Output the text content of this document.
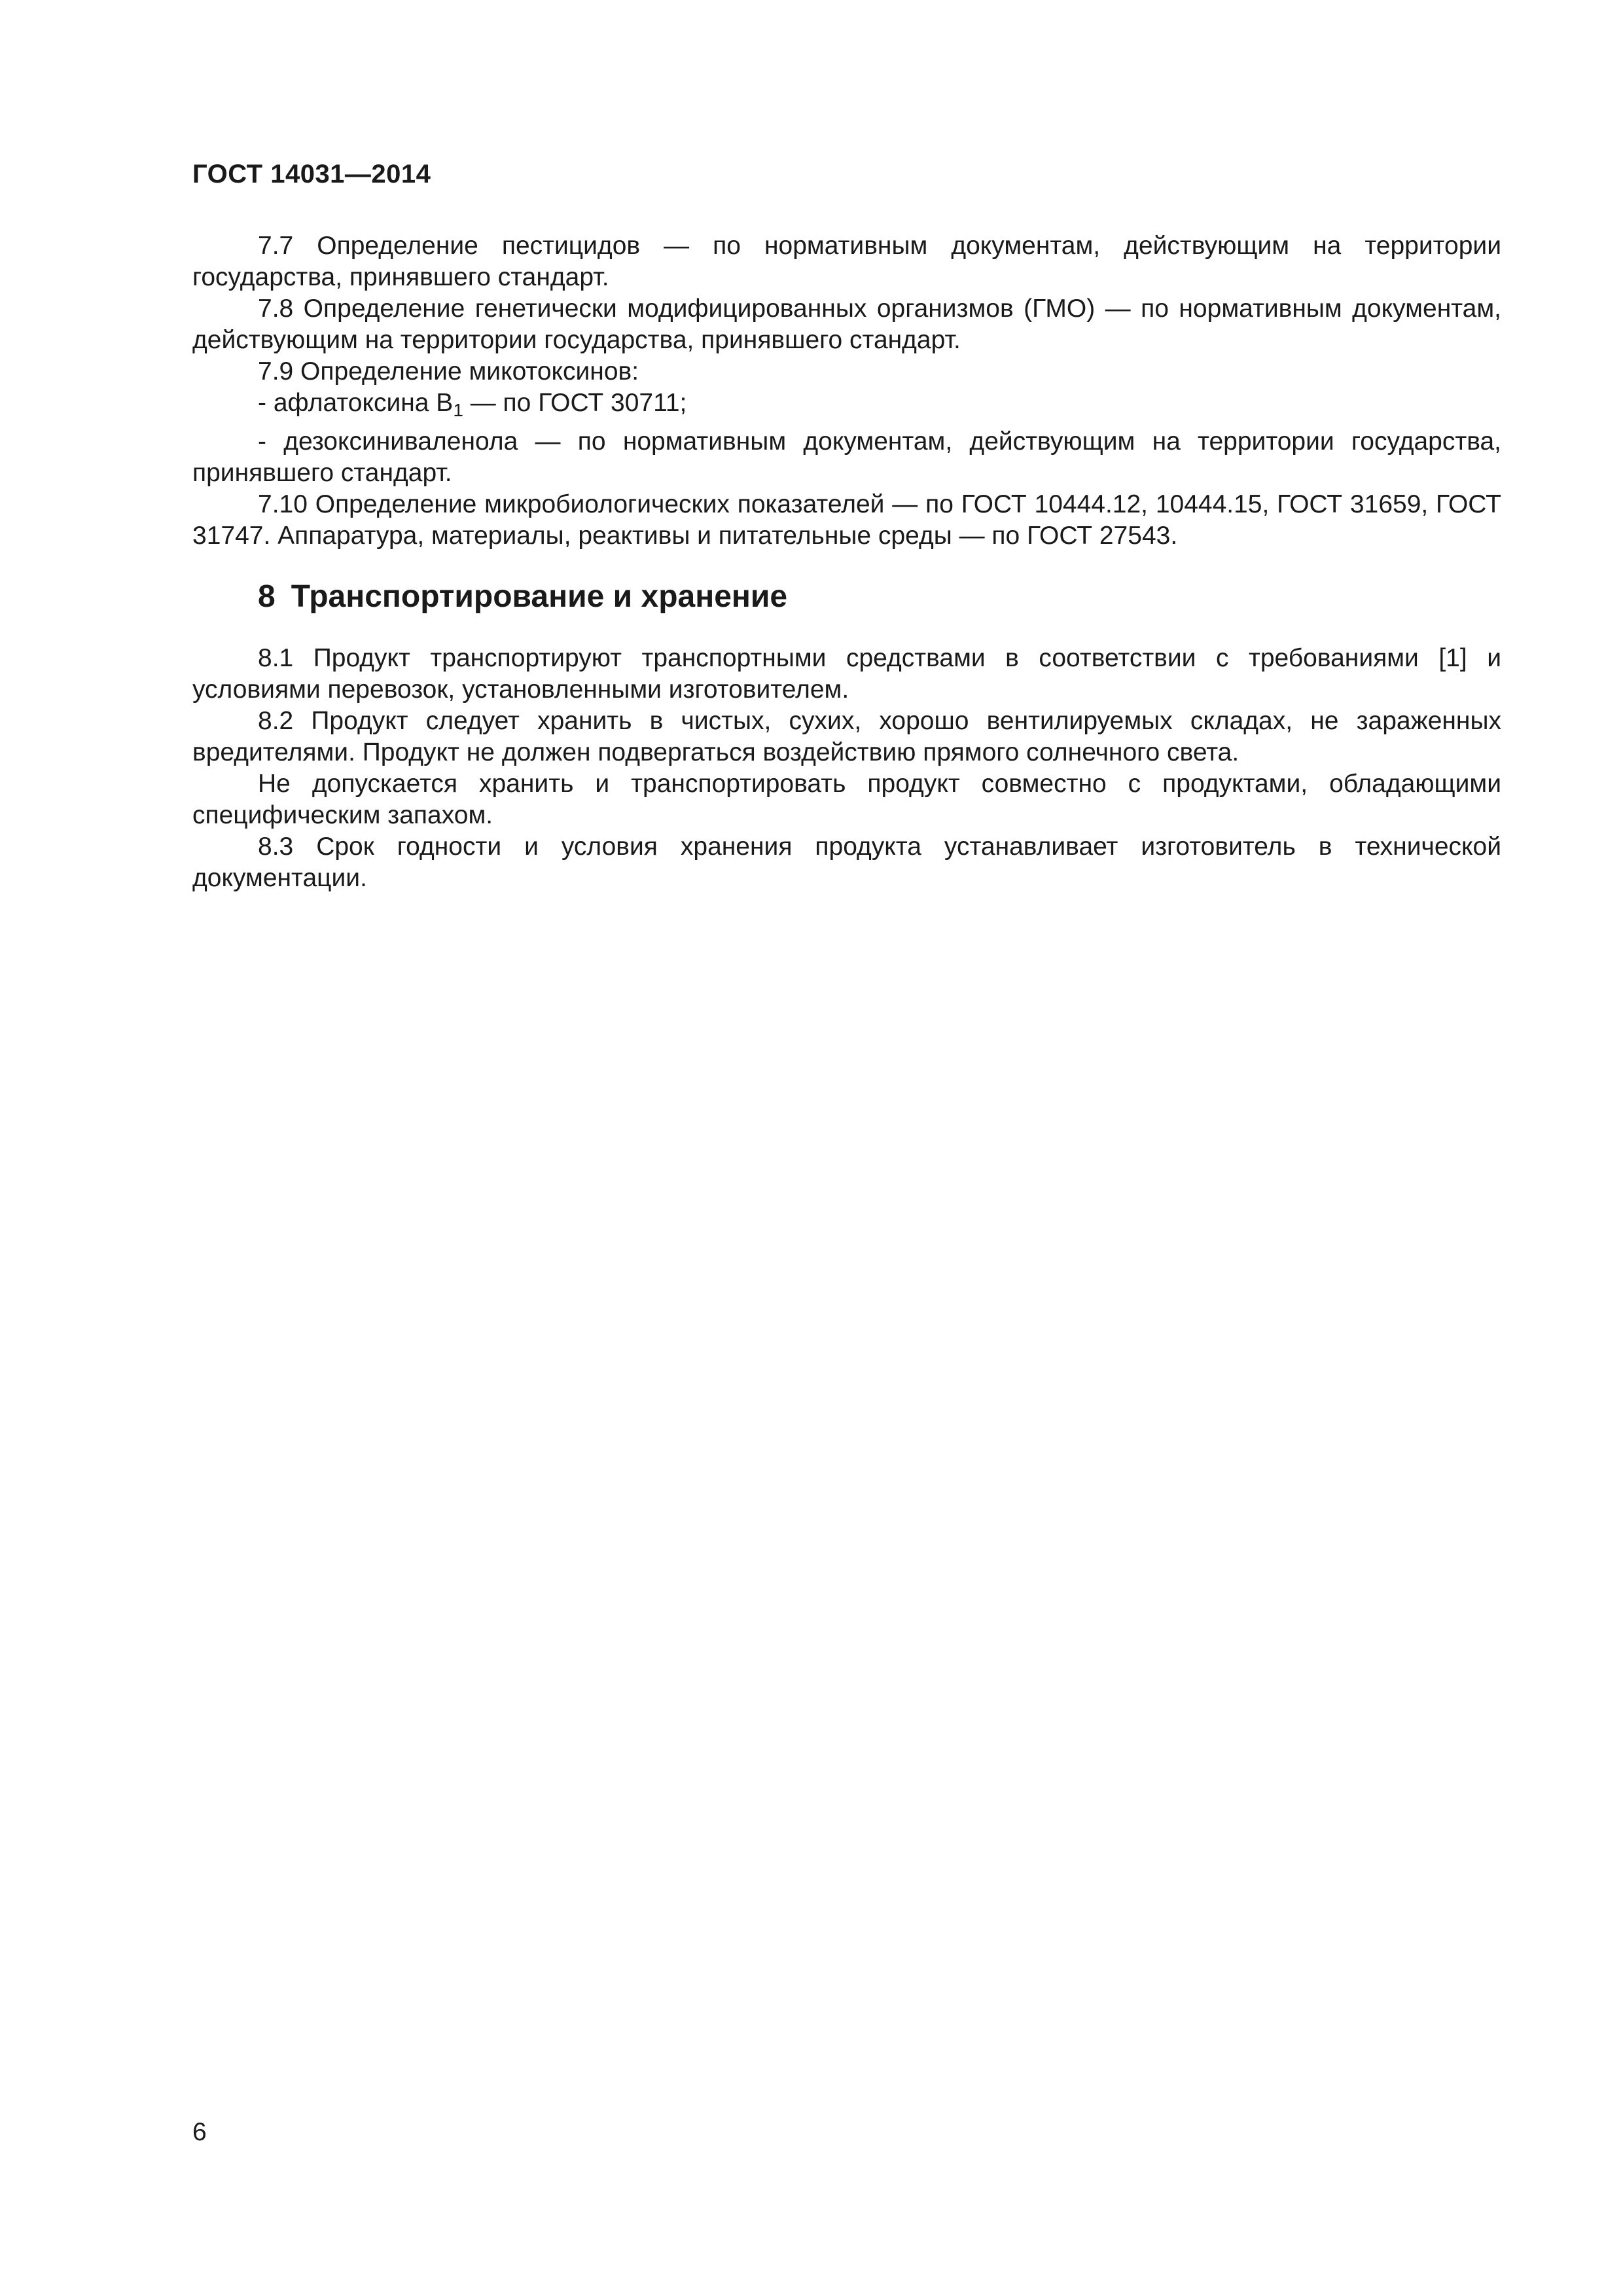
ГОСТ 14031—2014

7.7 Определение пестицидов — по нормативным документам, действующим на территории государства, принявшего стандарт.

7.8 Определение генетически модифицированных организмов (ГМО) — по нормативным документам, действующим на территории государства, принявшего стандарт.

7.9 Определение микотоксинов:

- афлатоксина $B_1$ — по ГОСТ 30711;

- дезоксиниваленола — по нормативным документам, действующим на территории государства, принявшего стандарт.

7.10 Определение микробиологических показателей — по ГОСТ 10444.12, 10444.15, ГОСТ 31659, ГОСТ 31747. Аппаратура, материалы, реактивы и питательные среды — по ГОСТ 27543.

8 Транспортирование и хранение

8.1 Продукт транспортируют транспортными средствами в соответствии с требованиями [1] и условиями перевозок, установленными изготовителем.

8.2 Продукт следует хранить в чистых, сухих, хорошо вентилируемых складах, не зараженных вредителями. Продукт не должен подвергаться воздействию прямого солнечного света.

Не допускается хранить и транспортировать продукт совместно с продуктами, обладающими специфическим запахом.

8.3 Срок годности и условия хранения продукта устанавливает изготовитель в технической документации.

6
